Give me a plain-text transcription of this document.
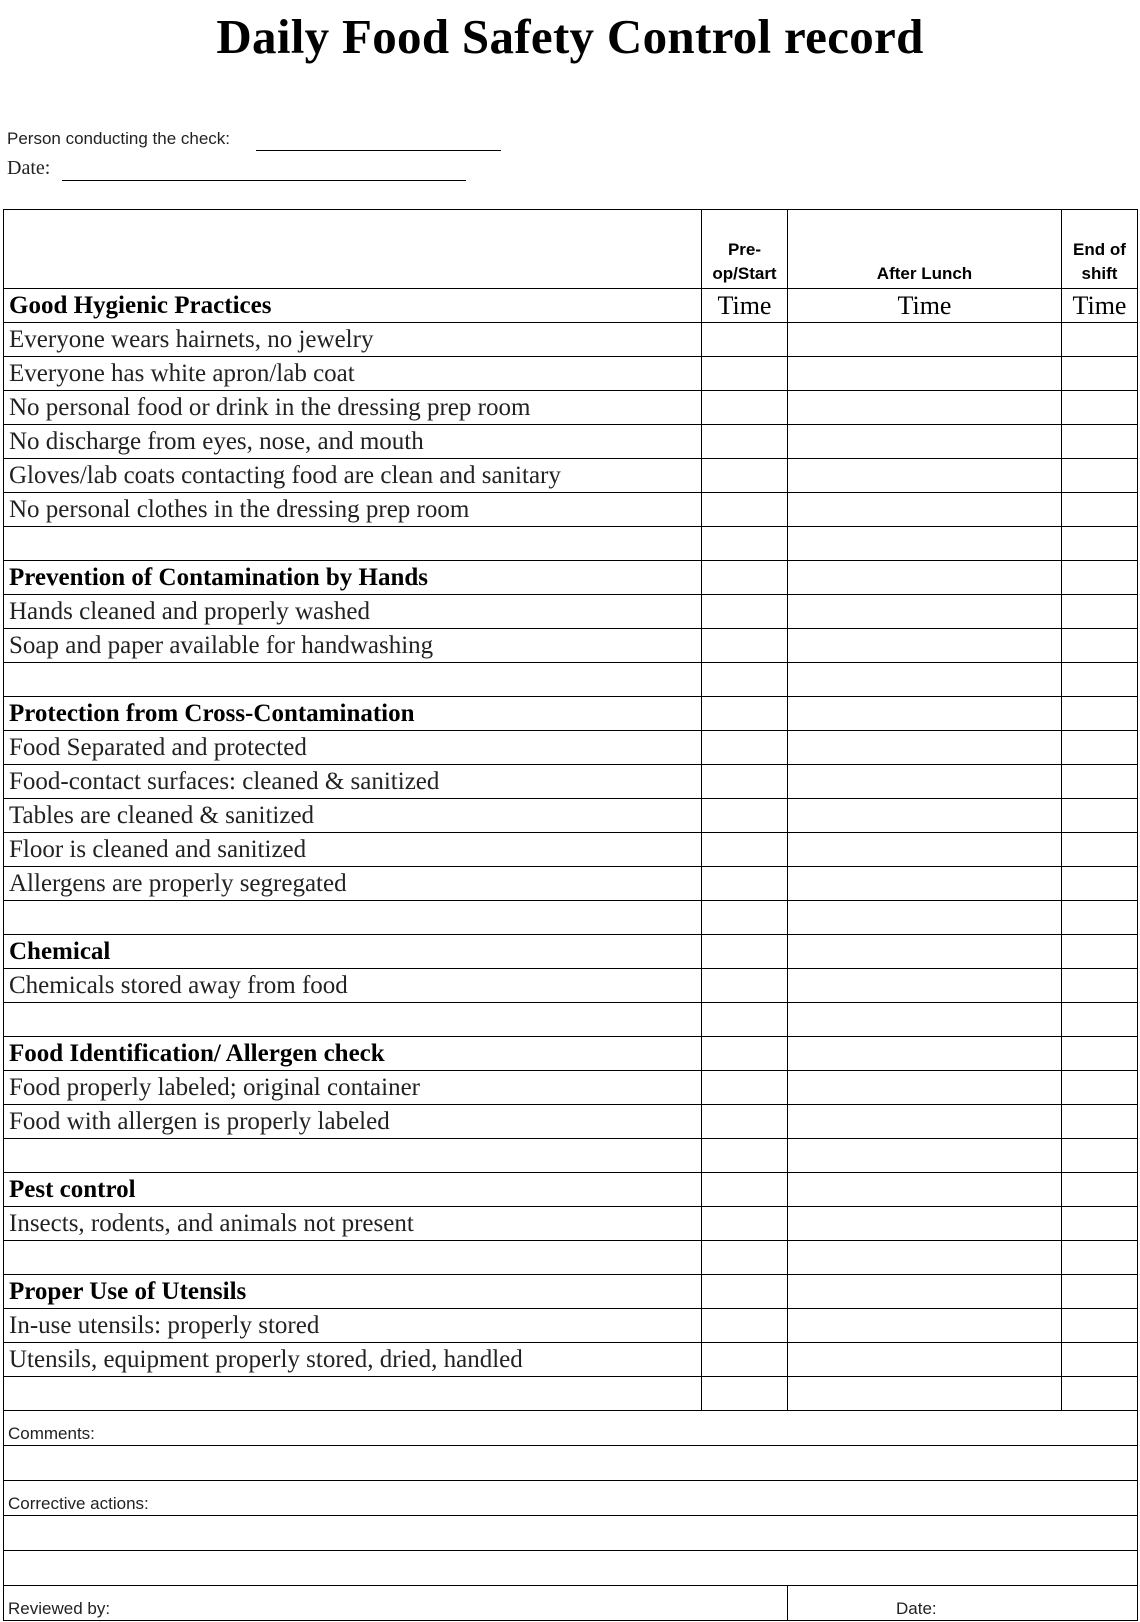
Daily Food Safety Control record
Person conducting the check:
Date:

	Pre-op/Start	After Lunch	End of shift

Good Hygienic Practices	Time	Time	Time
Everyone wears hairnets, no jewelry			
Everyone has white apron/lab coat			
No personal food or drink in the dressing prep room			
No discharge from eyes, nose, and mouth			
Gloves/lab coats contacting food are clean and sanitary			
No personal clothes in the dressing prep room			

Prevention of Contamination by Hands			
Hands cleaned and properly washed			
Soap and paper available for handwashing			

Protection from Cross-Contamination			
Food Separated and protected			
Food-contact surfaces: cleaned & sanitized			
Tables are cleaned & sanitized			
Floor is cleaned and sanitized			
Allergens are properly segregated			

Chemical			
Chemicals stored away from food			

Food Identification/ Allergen check			
Food properly labeled; original container			
Food with allergen is properly labeled			

Pest control			
Insects, rodents, and animals not present			

Proper Use of Utensils			
In-use utensils: properly stored			
Utensils, equipment properly stored, dried, handled			

Comments:			

Corrective actions:			

Reviewed by:		Date:	
